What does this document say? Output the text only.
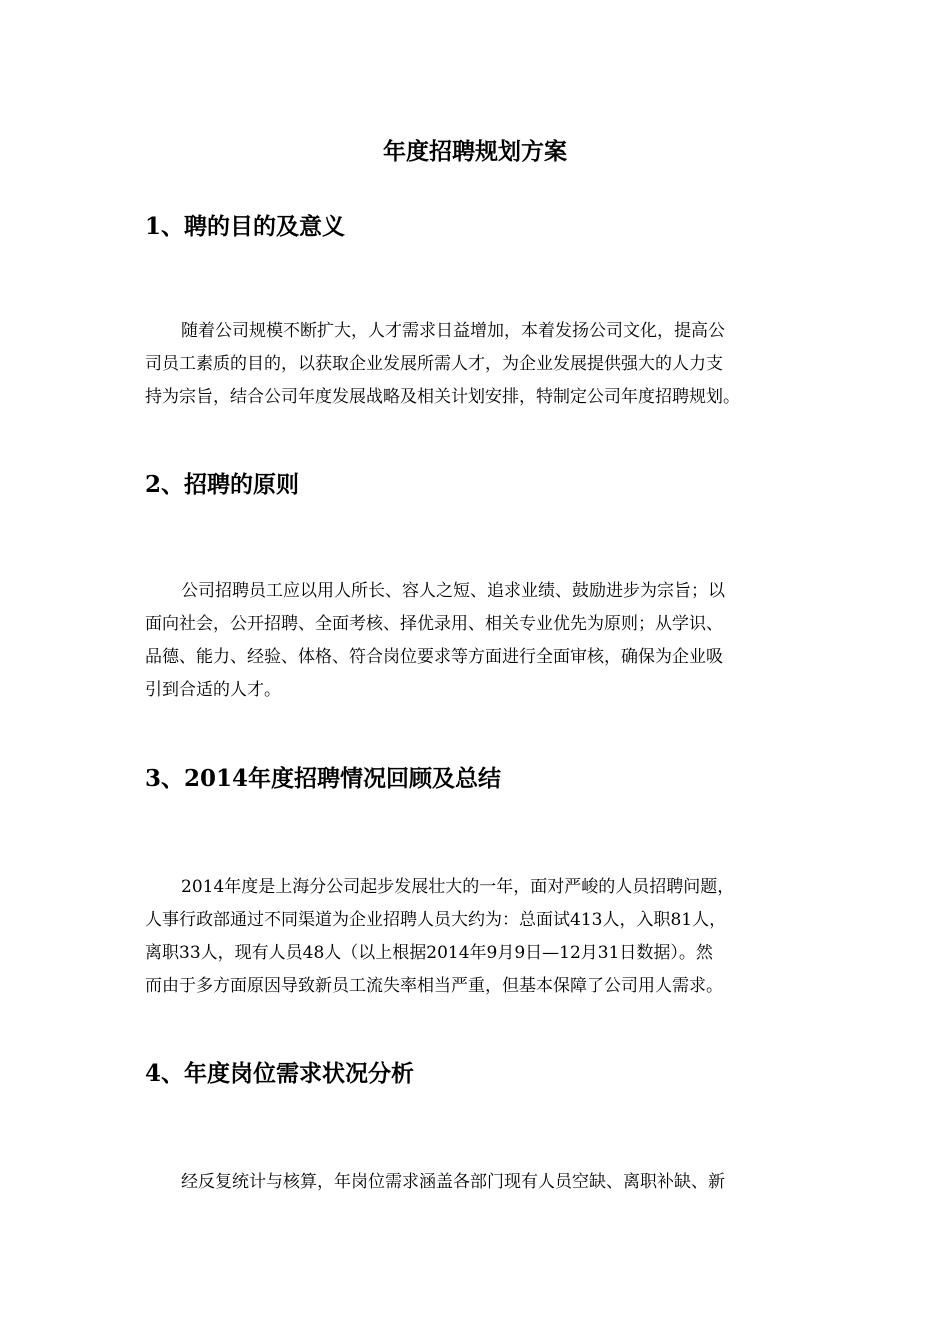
年度招聘规划方案
1、聘的目的及意义
随着公司规模不断扩大，人才需求日益增加，本着发扬公司文化，提高公
司员工素质的目的，以获取企业发展所需人才，为企业发展提供强大的人力支
持为宗旨，结合公司年度发展战略及相关计划安排，特制定公司年度招聘规划。
2、招聘的原则
公司招聘员工应以用人所长、容人之短、追求业绩、鼓励进步为宗旨；以
面向社会，公开招聘、全面考核、择优录用、相关专业优先为原则；从学识、
品德、能力、经验、体格、符合岗位要求等方面进行全面审核，确保为企业吸
引到合适的人才。
3、2014年度招聘情况回顾及总结
2014年度是上海分公司起步发展壮大的一年，面对严峻的人员招聘问题，
人事行政部通过不同渠道为企业招聘人员大约为：总面试413人，入职81人，
离职33人，现有人员48人（以上根据2014年9月9日—12月31日数据）。然
而由于多方面原因导致新员工流失率相当严重，但基本保障了公司用人需求。
4、年度岗位需求状况分析
经反复统计与核算，年岗位需求涵盖各部门现有人员空缺、离职补缺、新
